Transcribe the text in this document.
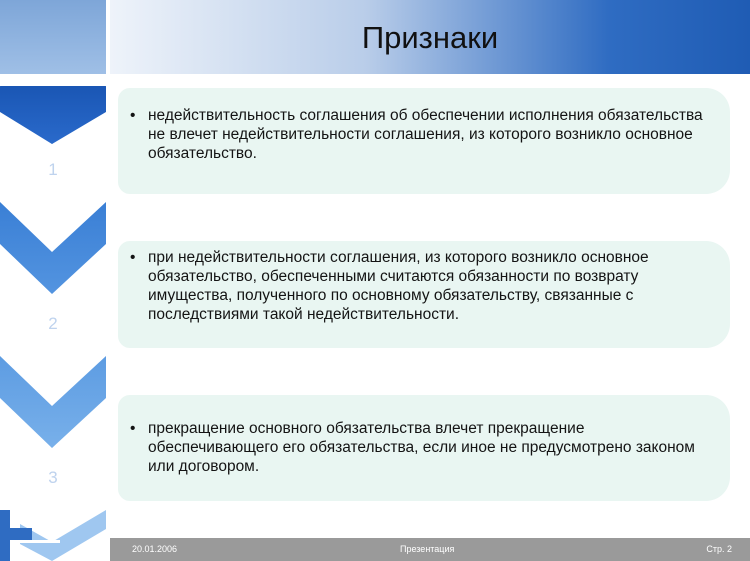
Признаки
1
2
3
• недействительность соглашения об обеспечении исполнения обязательства не влечет недействительности соглашения, из которого возникло основное обязательство.
• при недействительности соглашения, из которого возникло основное обязательство, обеспеченными считаются обязанности по возврату имущества, полученного по основному обязательству, связанные с последствиями такой недействительности.
• прекращение основного обязательства влечет прекращение обеспечивающего его обязательства, если иное не предусмотрено законом или договором.
20.01.2006	Презентация	Стр. 2
